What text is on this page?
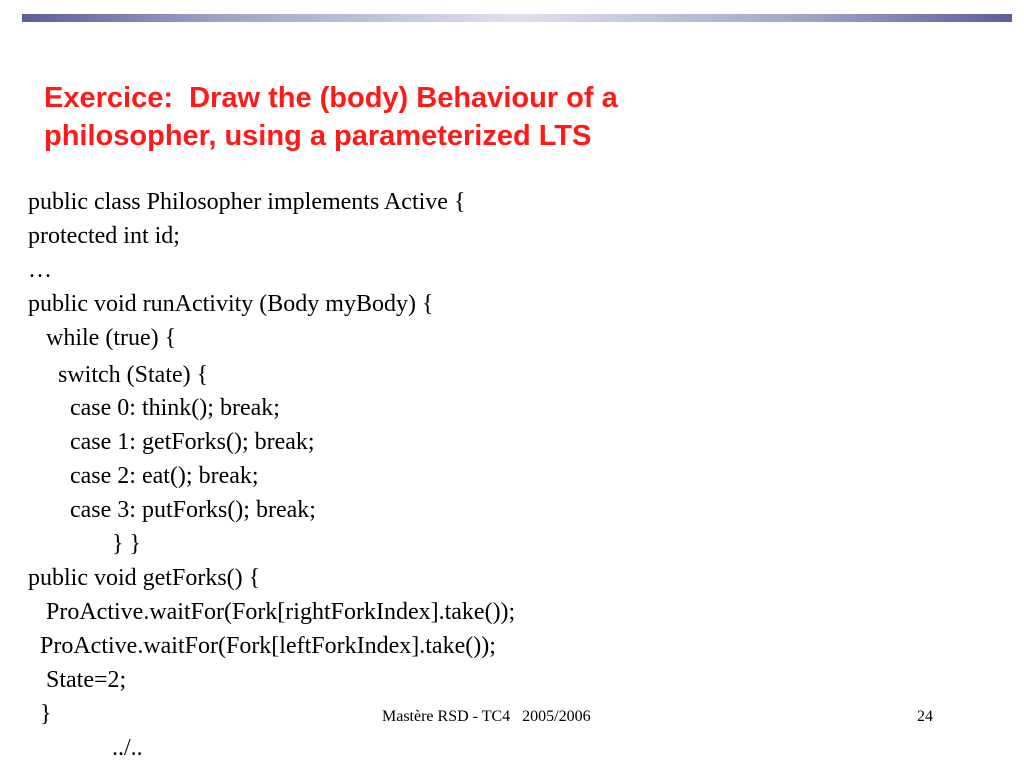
Exercice:  Draw the (body) Behaviour of a
philosopher, using a parameterized LTS
public class Philosopher implements Active {
protected int id;
…
public void runActivity (Body myBody) {
while (true) {
switch (State) {
case 0: think(); break;
case 1: getForks(); break;
case 2: eat(); break;
case 3: putForks(); break;
} }
public void getForks() {
ProActive.waitFor(Fork[rightForkIndex].take());
ProActive.waitFor(Fork[leftForkIndex].take());
State=2;
}
../..
Mastère RSD - TC4   2005/2006	24
